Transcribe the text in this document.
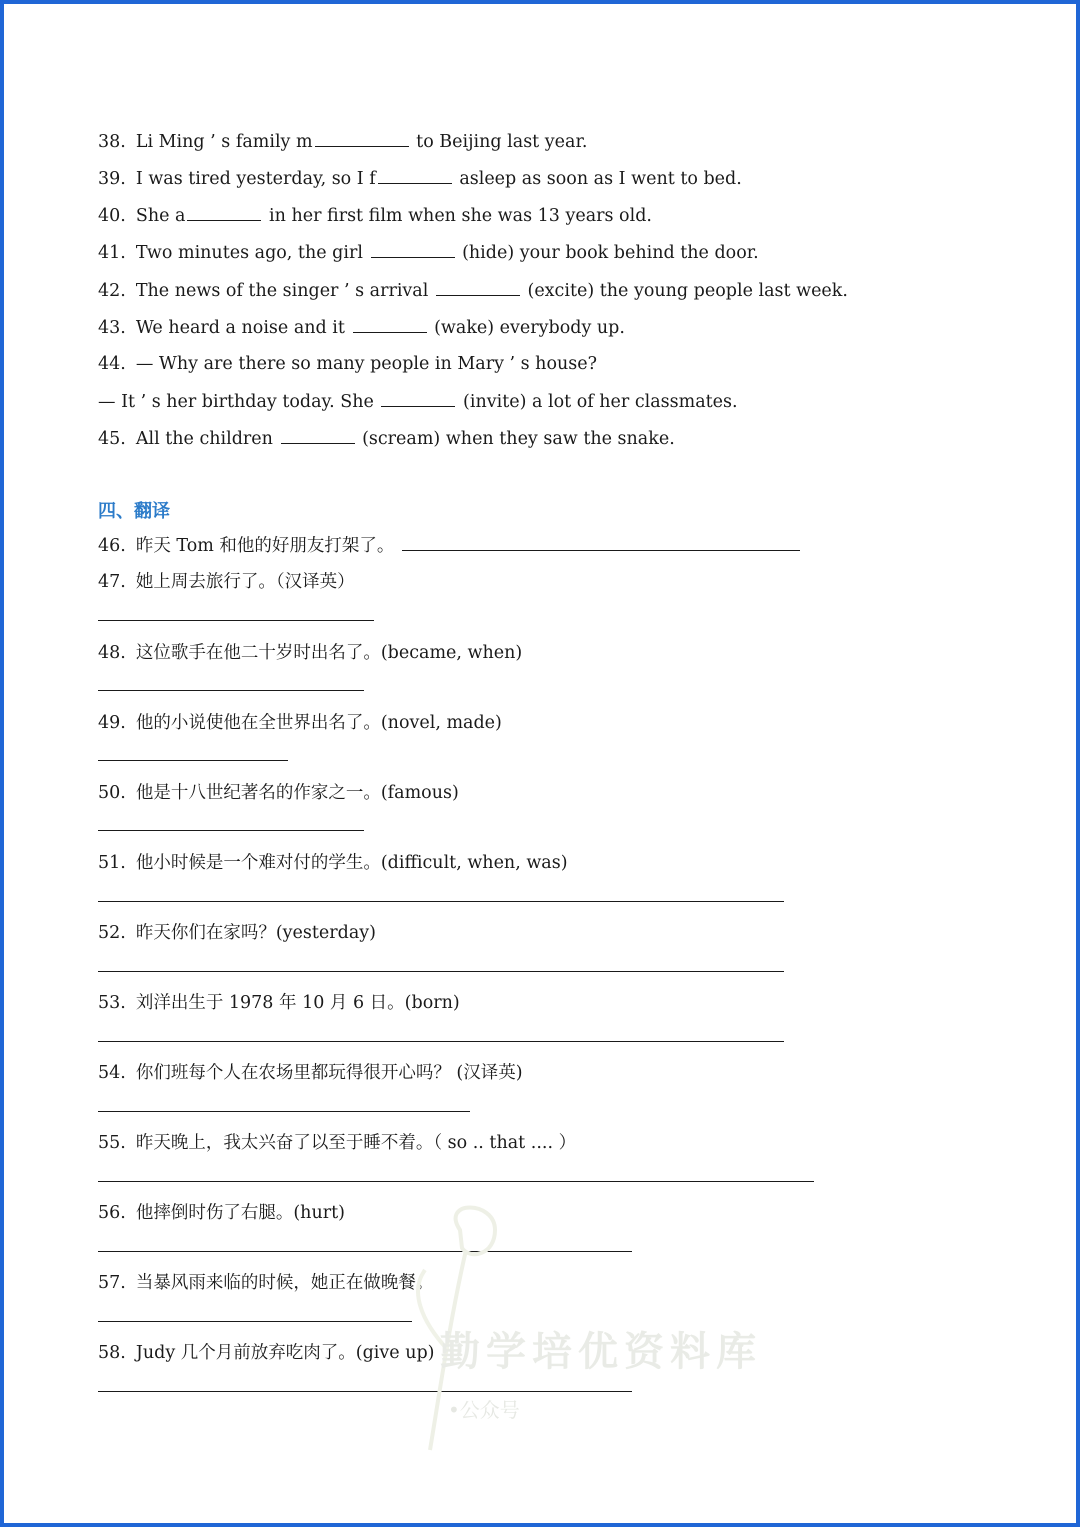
38. Li Ming ’ s family m	to Beijing last year.
39. I was tired yesterday, so I f	asleep as soon as I went to bed.
40. She a	in her first film when she was 13 years old.
41. Two minutes ago, the girl	(hide) your book behind the door.
42. The news of the singer ’ s arrival	(excite) the young people last week.
43. We heard a noise and it	(wake) everybody up.
44. — Why are there so many people in Mary ’ s house?
— It ’ s her birthday today. She	(invite) a lot of her classmates.
45. All the children	(scream) when they saw the snake.
四、翻译
46. 昨天 Tom 和他的好朋友打架了。
47. 她上周去旅行了。（汉译英）
48. 这位歌手在他二十岁时出名了。(became, when)
49. 他的小说使他在全世界出名了。(novel, made)
50. 他是十八世纪著名的作家之一。(famous)
51. 他小时候是一个难对付的学生。(difficult, when, was)
52. 昨天你们在家吗？(yesterday)
53. 刘洋出生于 1978 年 10 月 6 日。(born)
54. 你们班每个人在农场里都玩得很开心吗？ (汉译英)
55. 昨天晚上，我太兴奋了以至于睡不着。（ so .. that .... ）
56. 他摔倒时伤了右腿。(hurt)
57. 当暴风雨来临的时候，她正在做晚餐。
58. Judy 几个月前放弃吃肉了。(give up) 勤学培优资料库
•公众号
